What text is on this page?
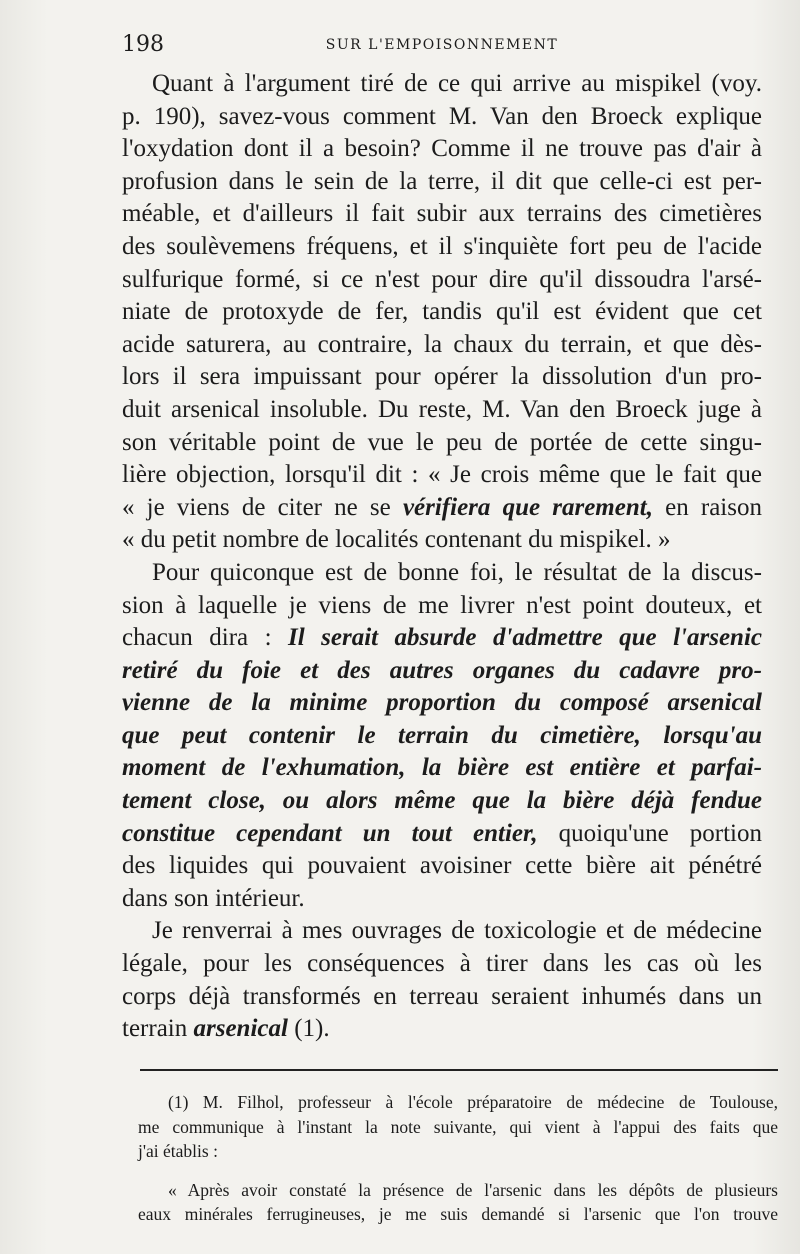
198	SUR L'EMPOISONNEMENT
Quant à l'argument tiré de ce qui arrive au mispikel (voy.
p. 190), savez-vous comment M. Van den Broeck explique
l'oxydation dont il a besoin? Comme il ne trouve pas d'air à
profusion dans le sein de la terre, il dit que celle-ci est per-
méable, et d'ailleurs il fait subir aux terrains des cimetières
des soulèvemens fréquens, et il s'inquiète fort peu de l'acide
sulfurique formé, si ce n'est pour dire qu'il dissoudra l'arsé-
niate de protoxyde de fer, tandis qu'il est évident que cet
acide saturera, au contraire, la chaux du terrain, et que dès-
lors il sera impuissant pour opérer la dissolution d'un pro-
duit arsenical insoluble. Du reste, M. Van den Broeck juge à
son véritable point de vue le peu de portée de cette singu-
lière objection, lorsqu'il dit : « Je crois même que le fait que
« je viens de citer ne se vérifiera que rarement, en raison
« du petit nombre de localités contenant du mispikel. »
Pour quiconque est de bonne foi, le résultat de la discus-
sion à laquelle je viens de me livrer n'est point douteux, et
chacun dira : Il serait absurde d'admettre que l'arsenic
retiré du foie et des autres organes du cadavre pro-
vienne de la minime proportion du composé arsenical
que peut contenir le terrain du cimetière, lorsqu'au
moment de l'exhumation, la bière est entière et parfai-
tement close, ou alors même que la bière déjà fendue
constitue cependant un tout entier, quoiqu'une portion
des liquides qui pouvaient avoisiner cette bière ait pénétré
dans son intérieur.
Je renverrai à mes ouvrages de toxicologie et de médecine
légale, pour les conséquences à tirer dans les cas où les
corps déjà transformés en terreau seraient inhumés dans un
terrain arsenical (1).
(1) M. Filhol, professeur à l'école préparatoire de médecine de Toulouse,
me communique à l'instant la note suivante, qui vient à l'appui des faits que
j'ai établis :
« Après avoir constaté la présence de l'arsenic dans les dépôts de plusieurs
eaux minérales ferrugineuses, je me suis demandé si l'arsenic que l'on trouve
